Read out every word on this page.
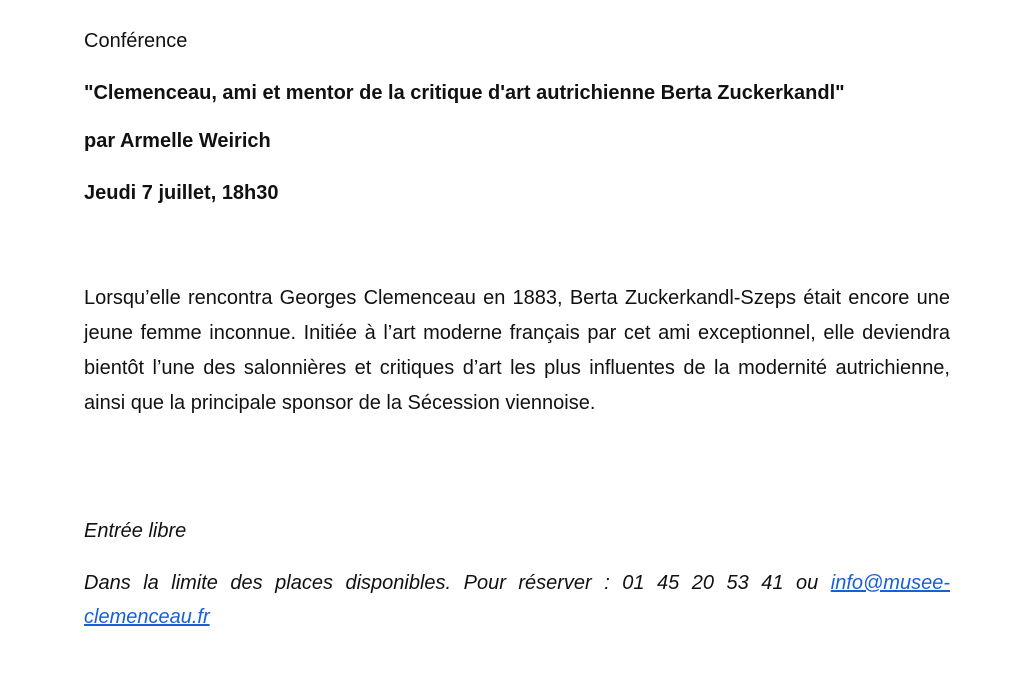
Conférence
"Clemenceau, ami et mentor de la critique d'art autrichienne Berta Zuckerkandl"
par Armelle Weirich
Jeudi 7 juillet, 18h30

Lorsqu’elle rencontra Georges Clemenceau en 1883, Berta Zuckerkandl-Szeps était encore une jeune femme inconnue. Initiée à l’art moderne français par cet ami exceptionnel, elle deviendra bientôt l’une des salonnières et critiques d’art les plus influentes de la modernité autrichienne, ainsi que la principale sponsor de la Sécession viennoise.

Entrée libre

Dans la limite des places disponibles. Pour réserver : 01 45 20 53 41 ou info@musee-clemenceau.fr
